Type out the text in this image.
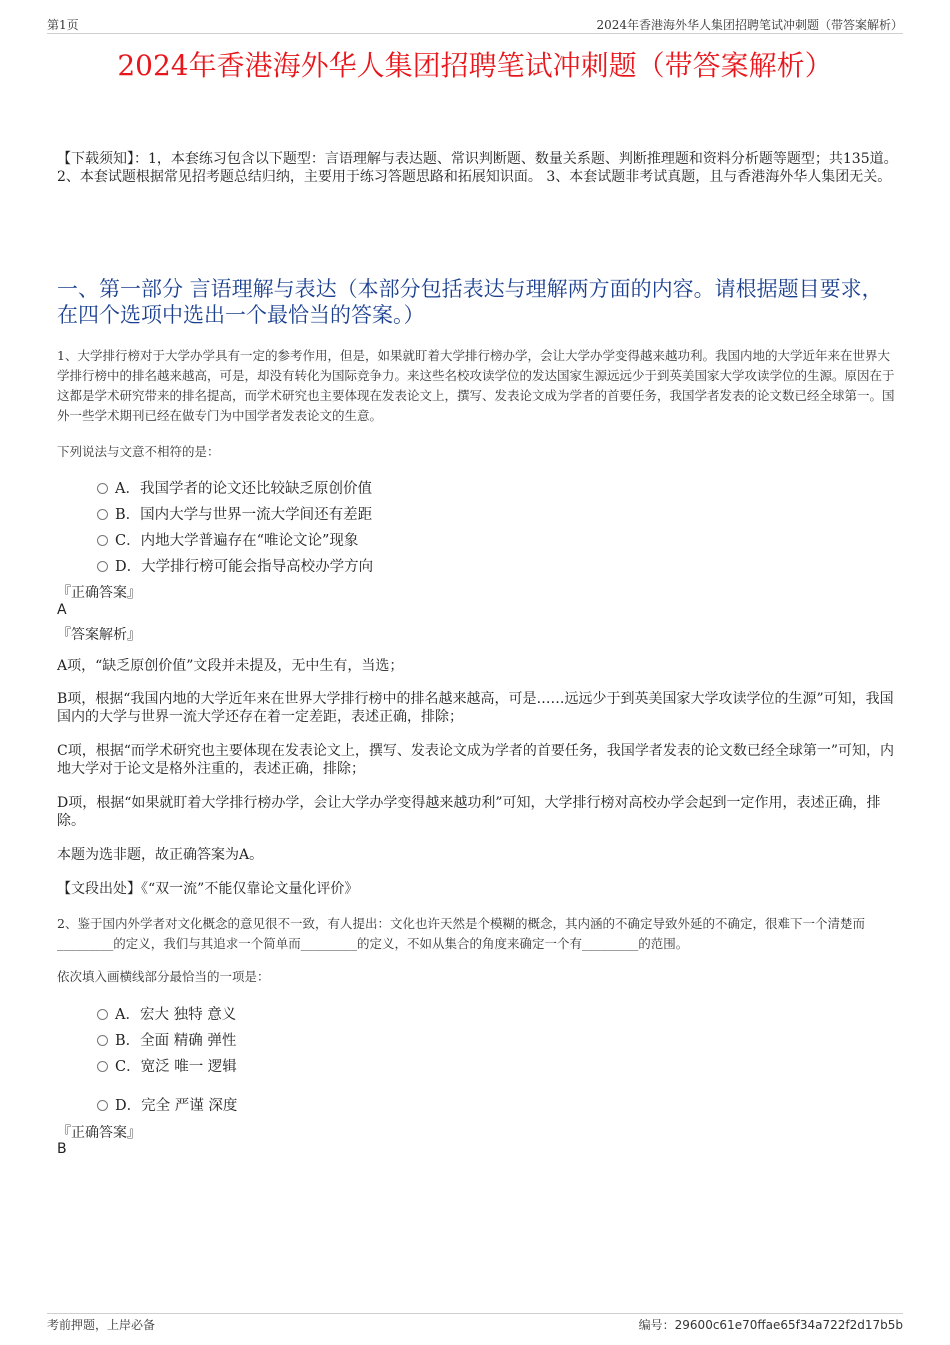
第1页	2024年香港海外华人集团招聘笔试冲刺题（带答案解析）
2024年香港海外华人集团招聘笔试冲刺题（带答案解析）
【下载须知】：1，本套练习包含以下题型：言语理解与表达题、常识判断题、数量关系题、判断推理题和资料分析题等题型；共135道。 2、本套试题根据常见招考题总结归纳，主要用于练习答题思路和拓展知识面。 3、本套试题非考试真题，且与香港海外华人集团无关。
一、第一部分 言语理解与表达（本部分包括表达与理解两方面的内容。请根据题目要求，在四个选项中选出一个最恰当的答案。）
1、大学排行榜对于大学办学具有一定的参考作用，但是，如果就盯着大学排行榜办学，会让大学办学变得越来越功利。我国内地的大学近年来在世界大学排行榜中的排名越来越高，可是，却没有转化为国际竞争力。来这些名校攻读学位的发达国家生源远远少于到英美国家大学攻读学位的生源。原因在于这都是学术研究带来的排名提高，而学术研究也主要体现在发表论文上，撰写、发表论文成为学者的首要任务，我国学者发表的论文数已经全球第一。国外一些学术期刊已经在做专门为中国学者发表论文的生意。
下列说法与文意不相符的是：
A．我国学者的论文还比较缺乏原创价值
B．国内大学与世界一流大学间还有差距
C．内地大学普遍存在“唯论文论”现象
D．大学排行榜可能会指导高校办学方向
『正确答案』
A
『答案解析』
A项，“缺乏原创价值”文段并未提及，无中生有，当选；
B项，根据“我国内地的大学近年来在世界大学排行榜中的排名越来越高，可是……远远少于到英美国家大学攻读学位的生源”可知，我国国内的大学与世界一流大学还存在着一定差距，表述正确，排除；
C项，根据“而学术研究也主要体现在发表论文上，撰写、发表论文成为学者的首要任务，我国学者发表的论文数已经全球第一”可知，内地大学对于论文是格外注重的，表述正确，排除；
D项，根据“如果就盯着大学排行榜办学，会让大学办学变得越来越功利”可知，大学排行榜对高校办学会起到一定作用，表述正确，排除。
本题为选非题，故正确答案为A。
【文段出处】《“双一流”不能仅靠论文量化评价》
2、鉴于国内外学者对文化概念的意见很不一致，有人提出：文化也许天然是个模糊的概念，其内涵的不确定导致外延的不确定，很难下一个清楚而_________的定义，我们与其追求一个简单而_________的定义，不如从集合的角度来确定一个有_________的范围。
依次填入画横线部分最恰当的一项是：
A．宏大 独特 意义
B．全面 精确 弹性
C．宽泛 唯一 逻辑
D．完全 严谨 深度
『正确答案』
B
考前押题，上岸必备	编号：29600c61e70ffae65f34a722f2d17b5b
